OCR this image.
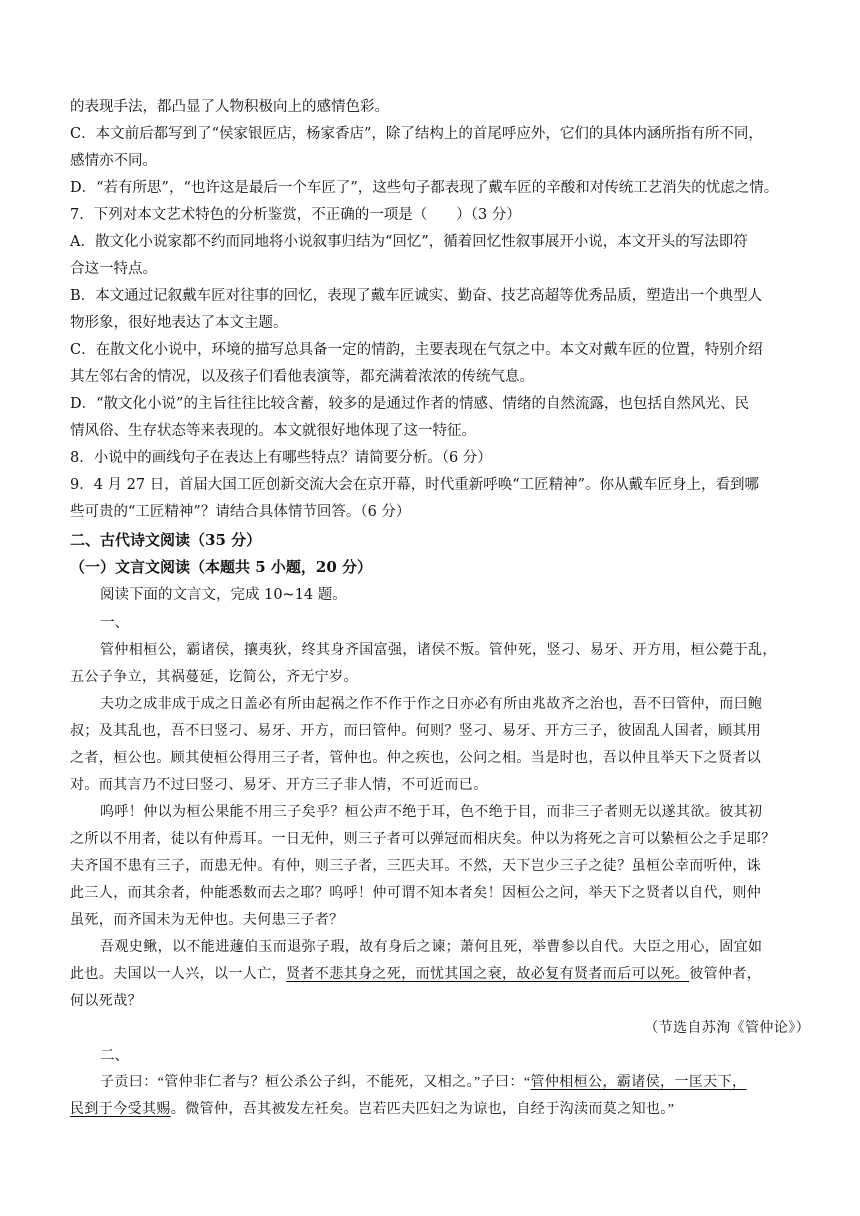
的表现手法，都凸显了人物积极向上的感情色彩。
C．本文前后都写到了“侯家银匠店，杨家香店”，除了结构上的首尾呼应外，它们的具体内涵所指有所不同，
感情亦不同。
D．“若有所思”，“也许这是最后一个车匠了”，这些句子都表现了戴车匠的辛酸和对传统工艺消失的忧虑之情。
7．下列对本文艺术特色的分析鉴赏，不正确的一项是（　　）（3 分）
A．散文化小说家都不约而同地将小说叙事归结为“回忆”，循着回忆性叙事展开小说，本文开头的写法即符
合这一特点。
B．本文通过记叙戴车匠对往事的回忆，表现了戴车匠诚实、勤奋、技艺高超等优秀品质，塑造出一个典型人
物形象，很好地表达了本文主题。
C．在散文化小说中，环境的描写总具备一定的情韵，主要表现在气氛之中。本文对戴车匠的位置，特别介绍
其左邻右舍的情况，以及孩子们看他表演等，都充满着浓浓的传统气息。
D．“散文化小说”的主旨往往比较含蓄，较多的是通过作者的情感、情绪的自然流露，也包括自然风光、民
情风俗、生存状态等来表现的。本文就很好地体现了这一特征。
8．小说中的画线句子在表达上有哪些特点？请简要分析。（6 分）
9．4 月 27 日，首届大国工匠创新交流大会在京开幕，时代重新呼唤“工匠精神”。你从戴车匠身上，看到哪
些可贵的“工匠精神”？请结合具体情节回答。（6 分）
二、古代诗文阅读（35 分）
（一）文言文阅读（本题共 5 小题，20 分）
阅读下面的文言文，完成 10~14 题。
一、
管仲相桓公，霸诸侯，攘夷狄，终其身齐国富强，诸侯不叛。管仲死，竖刁、易牙、开方用，桓公薨于乱，
五公子争立，其祸蔓延，讫简公，齐无宁岁。
夫功之成非成于成之日盖必有所由起祸之作不作于作之日亦必有所由兆故齐之治也，吾不曰管仲，而曰鲍
叔；及其乱也，吾不曰竖刁、易牙、开方，而曰管仲。何则？竖刁、易牙、开方三子，彼固乱人国者，顾其用
之者，桓公也。顾其使桓公得用三子者，管仲也。仲之疾也，公问之相。当是时也，吾以仲且举天下之贤者以
对。而其言乃不过曰竖刁、易牙、开方三子非人情，不可近而已。
呜呼！仲以为桓公果能不用三子矣乎？桓公声不绝于耳，色不绝于目，而非三子者则无以遂其欲。彼其初
之所以不用者，徒以有仲焉耳。一日无仲，则三子者可以弹冠而相庆矣。仲以为将死之言可以絷桓公之手足耶？
夫齐国不患有三子，而患无仲。有仲，则三子者，三匹夫耳。不然，天下岂少三子之徒？虽桓公幸而听仲，诛
此三人，而其余者，仲能悉数而去之耶？呜呼！仲可谓不知本者矣！因桓公之问，举天下之贤者以自代，则仲
虽死，而齐国未为无仲也。夫何患三子者？
吾观史鳅，以不能进蘧伯玉而退弥子瑕，故有身后之谏；萧何且死，举曹参以自代。大臣之用心，固宜如
此也。夫国以一人兴，以一人亡，贤者不悲其身之死，而忧其国之衰，故必复有贤者而后可以死。彼管仲者，
何以死哉？
（节选自苏洵《管仲论》）
二、
子贡曰：“管仲非仁者与？桓公杀公子纠，不能死，又相之。”子曰：“管仲相桓公，霸诸侯，一匡天下，
民到于今受其赐。微管仲，吾其被发左衽矣。岂若匹夫匹妇之为谅也，自经于沟渎而莫之知也。”
